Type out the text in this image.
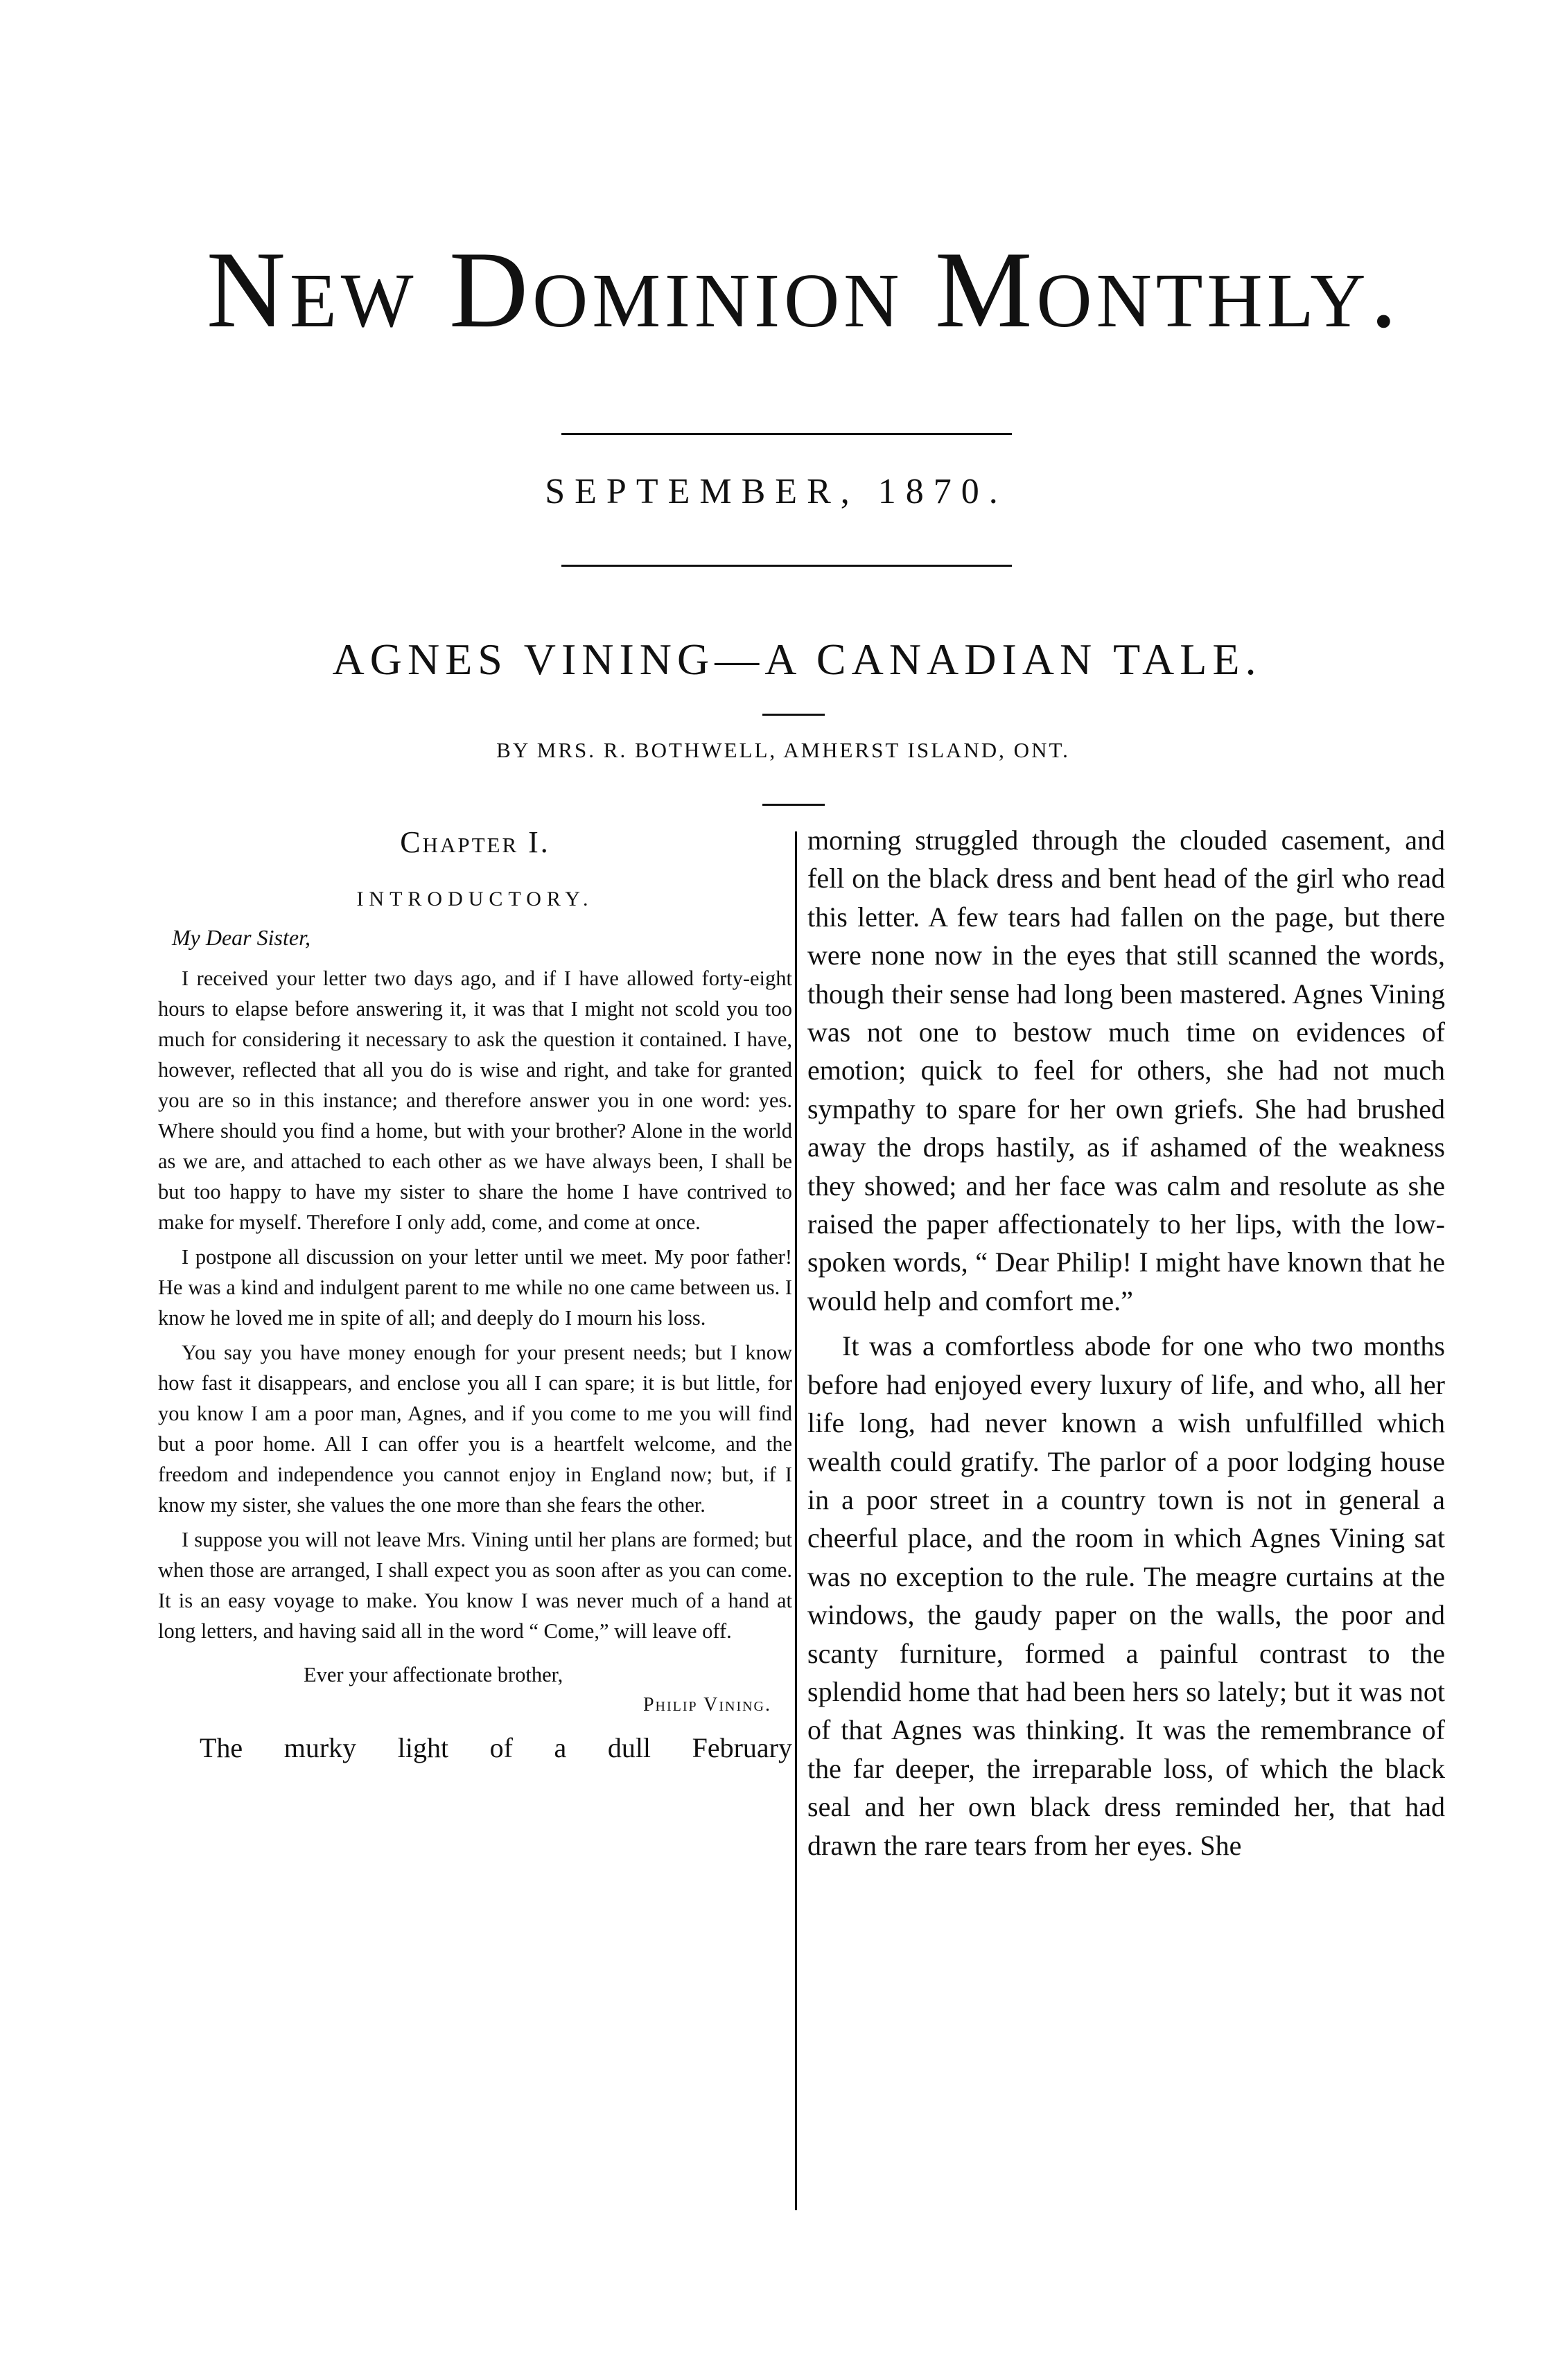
New Dominion Monthly.
SEPTEMBER, 1870.
AGNES VINING—A CANADIAN TALE.
BY MRS. R. BOTHWELL, AMHERST ISLAND, ONT.
Chapter I.
INTRODUCTORY.
My Dear Sister,

I received your letter two days ago, and if I have allowed forty-eight hours to elapse before answering it, it was that I might not scold you too much for considering it necessary to ask the question it contained. I have, however, reflected that all you do is wise and right, and take for granted you are so in this instance; and therefore answer you in one word: yes. Where should you find a home, but with your brother? Alone in the world as we are, and attached to each other as we have always been, I shall be but too happy to have my sister to share the home I have contrived to make for myself. Therefore I only add, come, and come at once.

I postpone all discussion on your letter until we meet. My poor father! He was a kind and indulgent parent to me while no one came between us. I know he loved me in spite of all; and deeply do I mourn his loss.

You say you have money enough for your present needs; but I know how fast it disappears, and enclose you all I can spare; it is but little, for you know I am a poor man, Agnes, and if you come to me you will find but a poor home. All I can offer you is a heartfelt welcome, and the freedom and independence you cannot enjoy in England now; but, if I know my sister, she values the one more than she fears the other.

I suppose you will not leave Mrs. Vining until her plans are formed; but when those are arranged, I shall expect you as soon after as you can come. It is an easy voyage to make. You know I was never much of a hand at long letters, and having said all in the word “ Come,” will leave off.

Ever your affectionate brother,
Philip Vining.

The murky light of a dull February

morning struggled through the clouded casement, and fell on the black dress and bent head of the girl who read this letter. A few tears had fallen on the page, but there were none now in the eyes that still scanned the words, though their sense had long been mastered. Agnes Vining was not one to bestow much time on evidences of emotion; quick to feel for others, she had not much sympathy to spare for her own griefs. She had brushed away the drops hastily, as if ashamed of the weakness they showed; and her face was calm and resolute as she raised the paper affectionately to her lips, with the low-spoken words, “ Dear Philip! I might have known that he would help and comfort me.”

It was a comfortless abode for one who two months before had enjoyed every luxury of life, and who, all her life long, had never known a wish unfulfilled which wealth could gratify. The parlor of a poor lodging house in a poor street in a country town is not in general a cheerful place, and the room in which Agnes Vining sat was no exception to the rule. The meagre curtains at the windows, the gaudy paper on the walls, the poor and scanty furniture, formed a painful contrast to the splendid home that had been hers so lately; but it was not of that Agnes was thinking. It was the remembrance of the far deeper, the irreparable loss, of which the black seal and her own black dress reminded her, that had drawn the rare tears from her eyes. She
